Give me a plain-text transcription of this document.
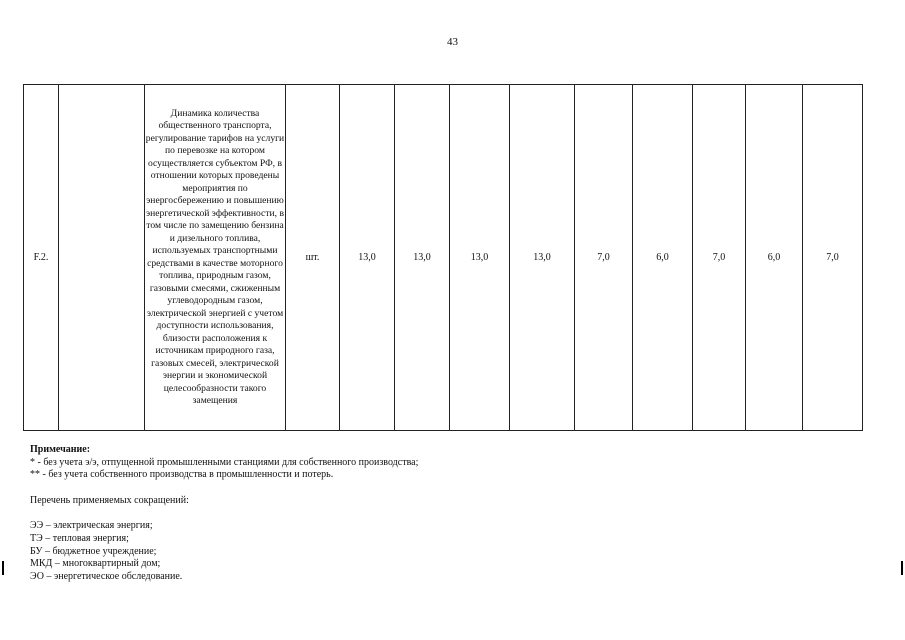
43
F.2.		Динамика количества общественного транспорта, регулирование тарифов на услуги по перевозке на котором осуществляется субъектом РФ, в отношении которых проведены мероприятия по энергосбережению и повышению энергетической эффективности, в том числе по замещению бензина и дизельного топлива, используемых транспортными средствами в качестве моторного топлива, природным газом, газовыми смесями, сжиженным углеводородным газом, электрической энергией с учетом доступности использования, близости расположения к источникам природного газа, газовых смесей, электрической энергии и экономической целесообразности такого замещения	шт.	13,0	13,0	13,0	13,0	7,0	6,0	7,0	6,0	7,0
Примечание:
* - без учета э/э, отпущенной промышленными станциями для собственного производства;
** - без учета собственного производства в промышленности и потерь.
Перечень применяемых сокращений:
ЭЭ – электрическая энергия;
ТЭ – тепловая энергия;
БУ – бюджетное учреждение;
МКД – многоквартирный дом;
ЭО – энергетическое обследование.
